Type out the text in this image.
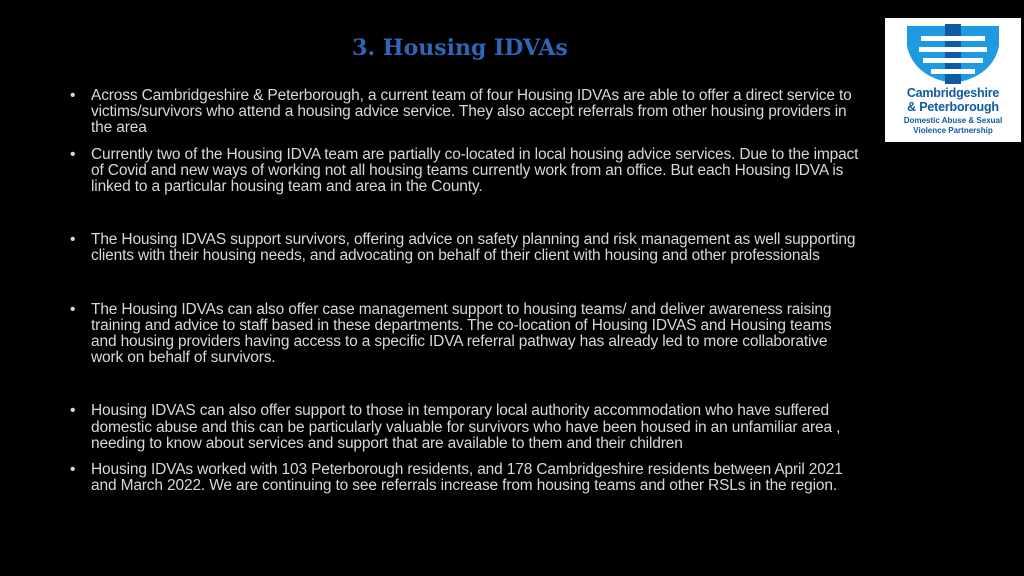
3. Housing IDVAs
Cambridgeshire
& Peterborough
Domestic Abuse & Sexual
Violence Partnership
• Across Cambridgeshire & Peterborough, a current team of four Housing IDVAs are able to offer a direct service to victims/survivors who attend a housing advice service. They also accept referrals from other housing providers in the area
• Currently two of the Housing IDVA team are partially co-located in local housing advice services. Due to the impact of Covid and new ways of working not all housing teams currently work from an office. But each Housing IDVA is linked to a particular housing team and area in the County.
• The Housing IDVAS support survivors, offering advice on safety planning and risk management as well supporting clients with their housing needs, and advocating on behalf of their client with housing and other professionals
• The Housing IDVAs can also offer case management support to housing teams/ and deliver awareness raising training and advice to staff based in these departments. The co-location of Housing IDVAS and Housing teams and housing providers having access to a specific IDVA referral pathway has already led to more collaborative work on behalf of survivors.
• Housing IDVAS can also offer support to those in temporary local authority accommodation who have suffered domestic abuse and this can be particularly valuable for survivors who have been housed in an unfamiliar area , needing to know about services and support that are available to them and their children
• Housing IDVAs worked with 103 Peterborough residents, and 178 Cambridgeshire residents between April 2021 and March 2022. We are continuing to see referrals increase from housing teams and other RSLs in the region.
